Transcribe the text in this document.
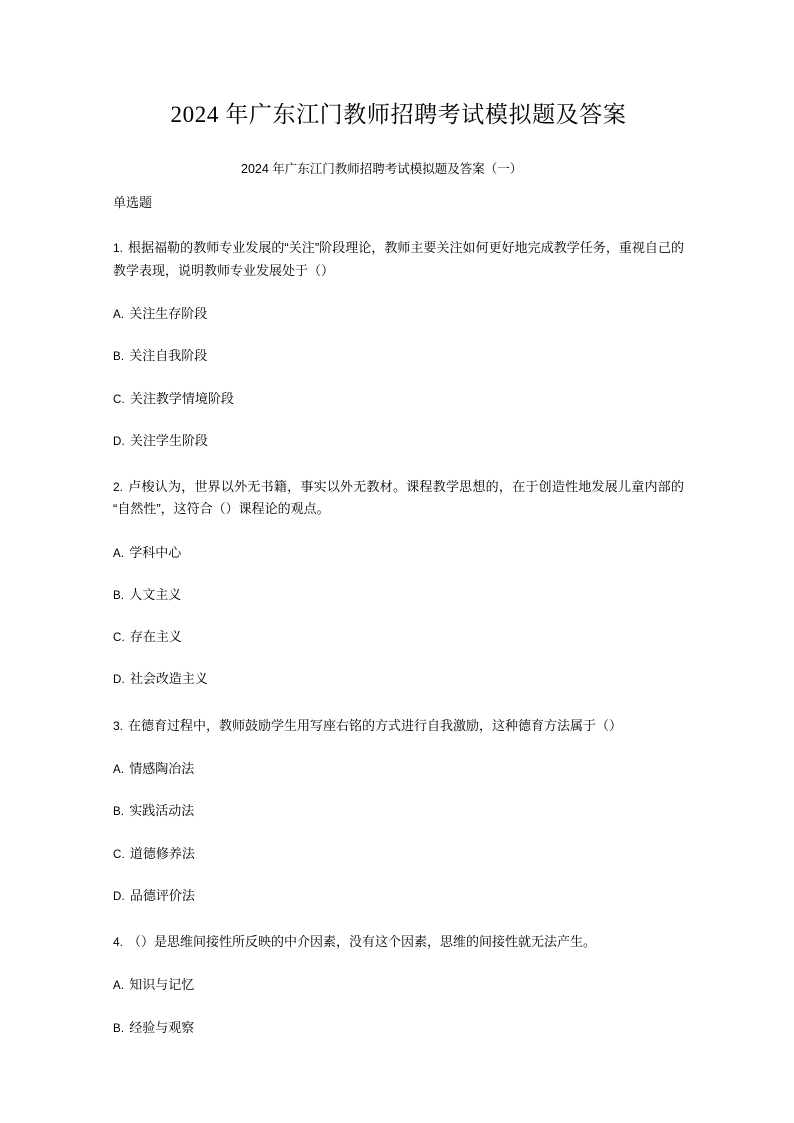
2024 年广东江门教师招聘考试模拟题及答案

2024 年广东江门教师招聘考试模拟题及答案（一）

单选题

1. 根据福勒的教师专业发展的“关注”阶段理论，教师主要关注如何更好地完成教学任务，重视自己的教学表现，说明教师专业发展处于（）

A. 关注生存阶段

B. 关注自我阶段

C. 关注教学情境阶段

D. 关注学生阶段

2. 卢梭认为，世界以外无书籍，事实以外无教材。课程教学思想的，在于创造性地发展儿童内部的“自然性”，这符合（）课程论的观点。

A. 学科中心

B. 人文主义

C. 存在主义

D. 社会改造主义

3. 在德育过程中，教师鼓励学生用写座右铭的方式进行自我激励，这种德育方法属于（）

A. 情感陶冶法

B. 实践活动法

C. 道德修养法

D. 品德评价法

4. （）是思维间接性所反映的中介因素，没有这个因素，思维的间接性就无法产生。

A. 知识与记忆

B. 经验与观察
